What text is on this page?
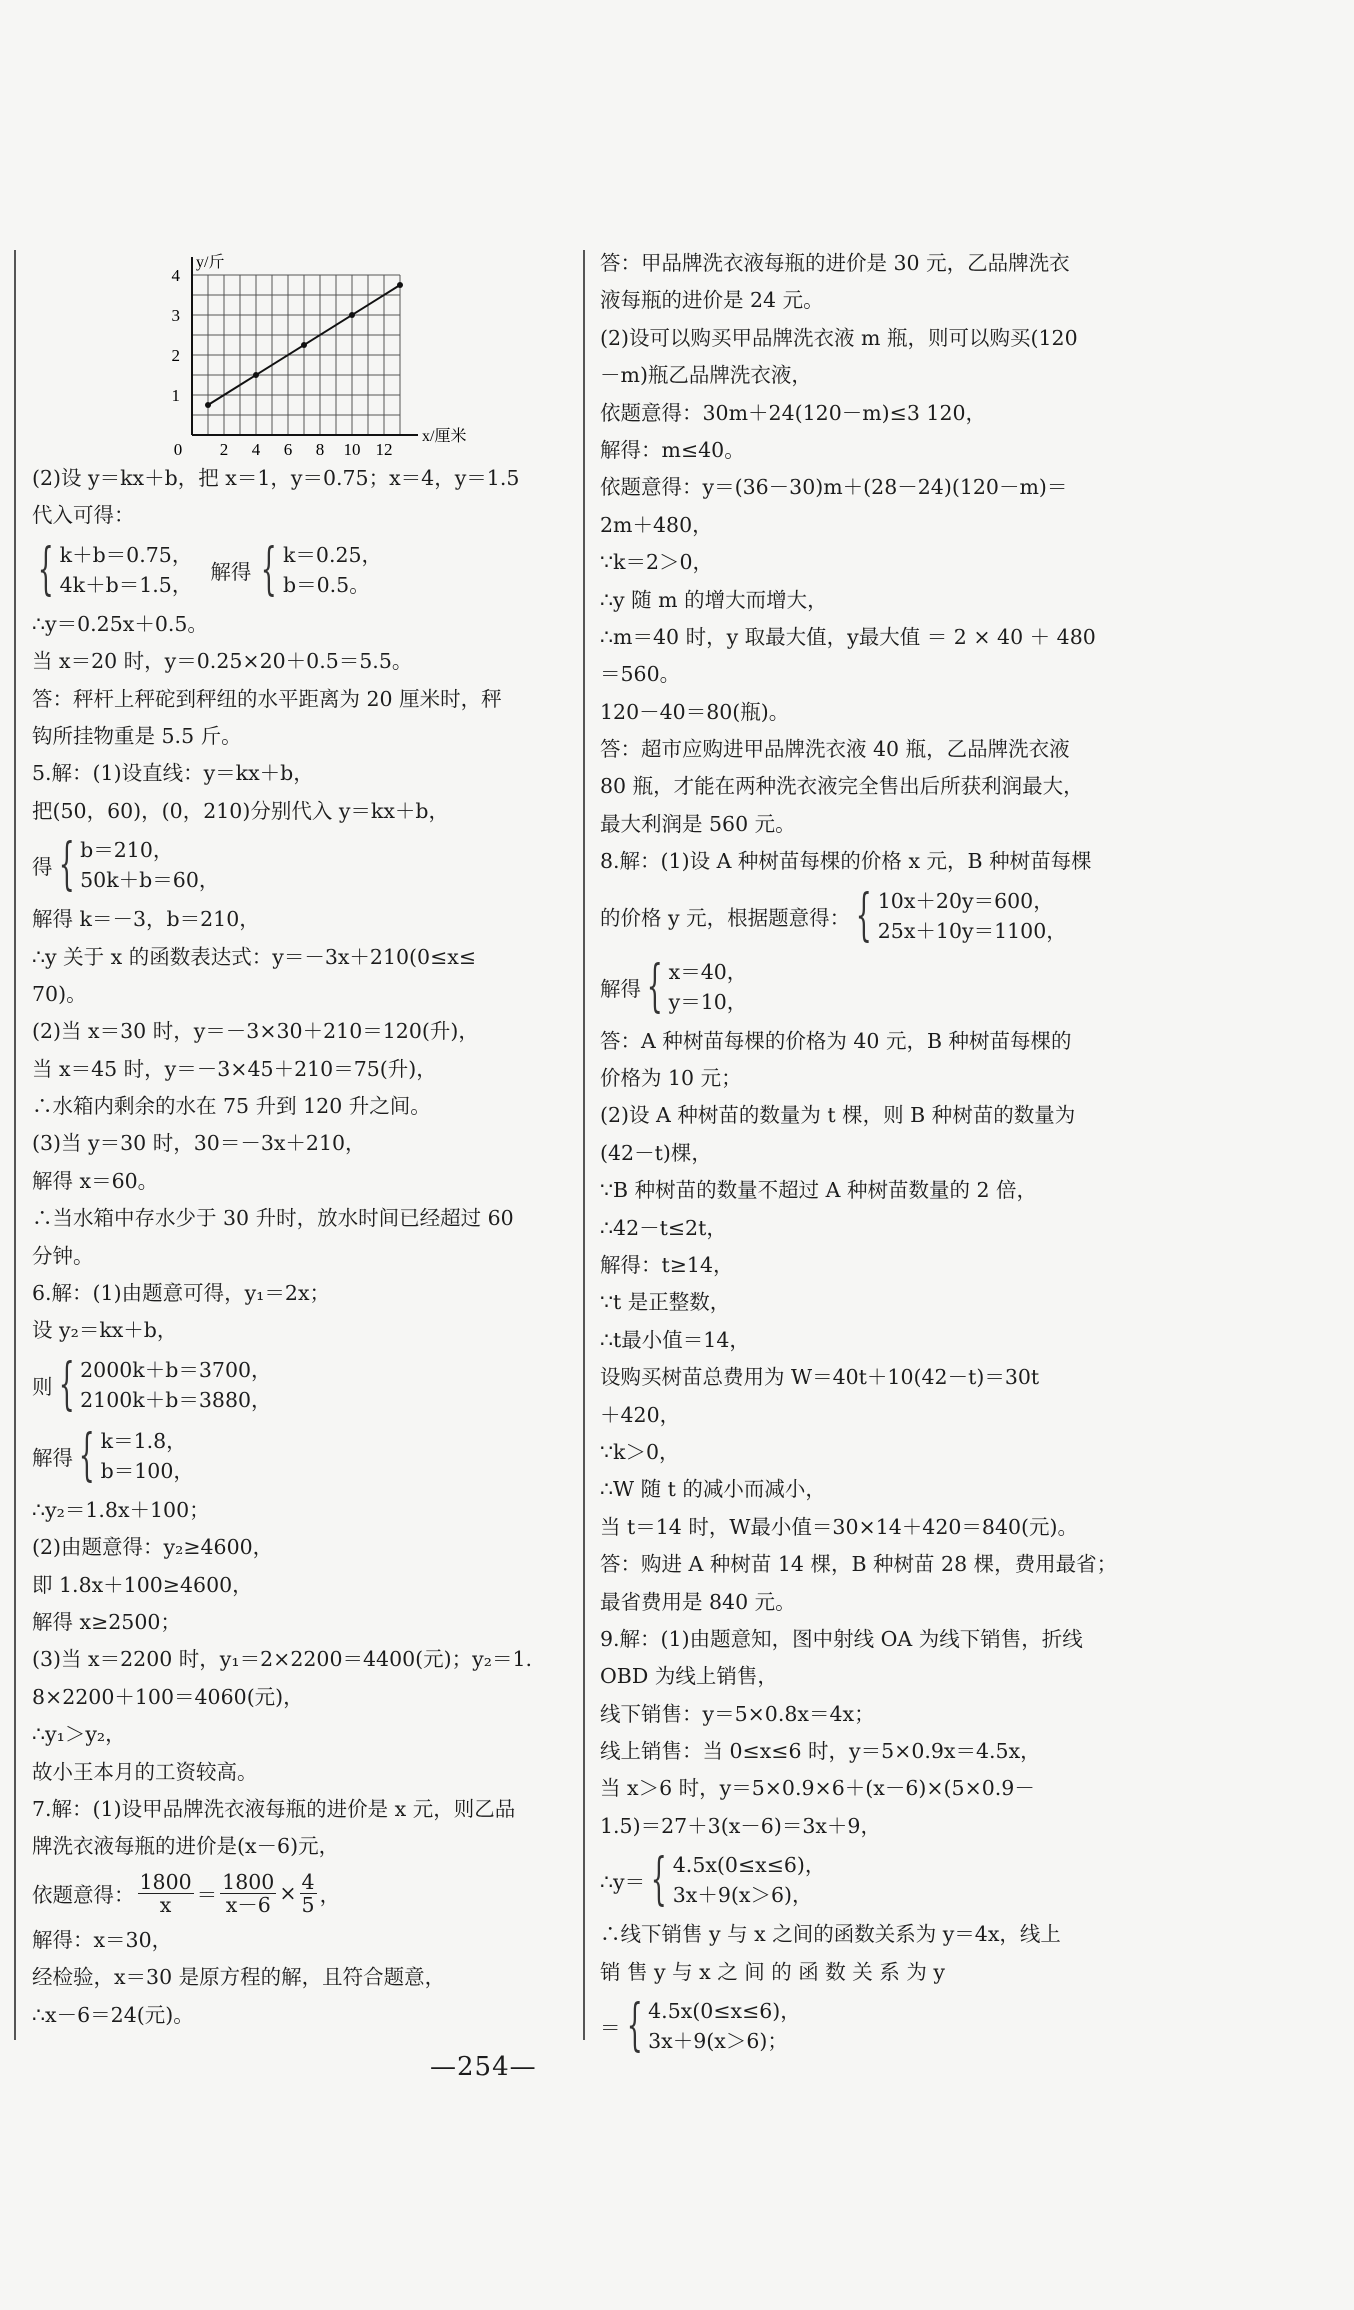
0 2 4 6 8 10 12
1
2
3
4
x/厘米
y/斤
(2)设 y＝kx＋b，把 x＝1，y＝0.75；x＝4，y＝1.5
代入可得：
{ k＋b＝0.75，
4k＋b＝1.5，
解得 { k＝0.25，
b＝0.5。
∴y＝0.25x＋0.5。
当 x＝20 时，y＝0.25×20＋0.5＝5.5。
答：秤杆上秤砣到秤纽的水平距离为 20 厘米时，秤
钩所挂物重是 5.5 斤。
5.解：(1)设直线：y＝kx＋b，
把(50，60)，(0，210)分别代入 y＝kx＋b，
得 { b＝210，
50k＋b＝60，
解得 k＝－3，b＝210，
∴y 关于 x 的函数表达式：y＝－3x＋210(0≤x≤
70)。
(2)当 x＝30 时，y＝－3×30＋210＝120(升)，
当 x＝45 时，y＝－3×45＋210＝75(升)，
∴水箱内剩余的水在 75 升到 120 升之间。
(3)当 y＝30 时，30＝－3x＋210，
解得 x＝60。
∴当水箱中存水少于 30 升时，放水时间已经超过 60
分钟。
6.解：(1)由题意可得，y₁＝2x；
设 y₂＝kx＋b，
则 { 2000k＋b＝3700，
2100k＋b＝3880，
解得 { k＝1.8，
b＝100，
∴y₂＝1.8x＋100；
(2)由题意得：y₂≥4600，
即 1.8x＋100≥4600，
解得 x≥2500；
(3)当 x＝2200 时，y₁＝2×2200＝4400(元)；y₂＝1.
8×2200＋100＝4060(元)，
∴y₁＞y₂，
故小王本月的工资较高。
7.解：(1)设甲品牌洗衣液每瓶的进价是 x 元，则乙品
牌洗衣液每瓶的进价是(x－6)元，
依题意得： $\frac{1800}{x} = \frac{1800}{x-6} \times \frac{4}{5}$ ，
解得：x＝30，
经检验，x＝30 是原方程的解，且符合题意，
∴x－6＝24(元)。
答：甲品牌洗衣液每瓶的进价是 30 元，乙品牌洗衣
液每瓶的进价是 24 元。
(2)设可以购买甲品牌洗衣液 m 瓶，则可以购买(120
－m)瓶乙品牌洗衣液，
依题意得：30m＋24(120－m)≤3 120，
解得：m≤40。
依题意得：y＝(36－30)m＋(28－24)(120－m)＝
2m＋480，
∵k＝2＞0，
∴y 随 m 的增大而增大，
∴m＝40 时，y 取最大值，y最大值 ＝ 2 × 40 ＋ 480
＝560。
120－40＝80(瓶)。
答：超市应购进甲品牌洗衣液 40 瓶，乙品牌洗衣液
80 瓶，才能在两种洗衣液完全售出后所获利润最大，
最大利润是 560 元。
8.解：(1)设 A 种树苗每棵的价格 x 元，B 种树苗每棵
的价格 y 元，根据题意得： { 10x＋20y＝600，
25x＋10y＝1100，
解得 { x＝40，
y＝10，
答：A 种树苗每棵的价格为 40 元，B 种树苗每棵的
价格为 10 元；
(2)设 A 种树苗的数量为 t 棵，则 B 种树苗的数量为
(42－t)棵，
∵B 种树苗的数量不超过 A 种树苗数量的 2 倍，
∴42－t≤2t，
解得：t≥14，
∵t 是正整数，
∴t最小值＝14，
设购买树苗总费用为 W＝40t＋10(42－t)＝30t
＋420，
∵k＞0，
∴W 随 t 的减小而减小，
当 t＝14 时，W最小值＝30×14＋420＝840(元)。
答：购进 A 种树苗 14 棵，B 种树苗 28 棵，费用最省；
最省费用是 840 元。
9.解：(1)由题意知，图中射线 OA 为线下销售，折线
OBD 为线上销售，
线下销售：y＝5×0.8x＝4x；
线上销售：当 0≤x≤6 时，y＝5×0.9x＝4.5x，
当 x＞6 时，y＝5×0.9×6＋(x－6)×(5×0.9－
1.5)＝27＋3(x－6)＝3x＋9，
∴y＝ { 4.5x(0≤x≤6)，
3x＋9(x＞6)，
∴线下销售 y 与 x 之间的函数关系为 y＝4x，线上
销 售 y 与 x 之 间 的 函 数 关 系 为 y
＝ { 4.5x(0≤x≤6)，
3x＋9(x＞6)；
—254—
